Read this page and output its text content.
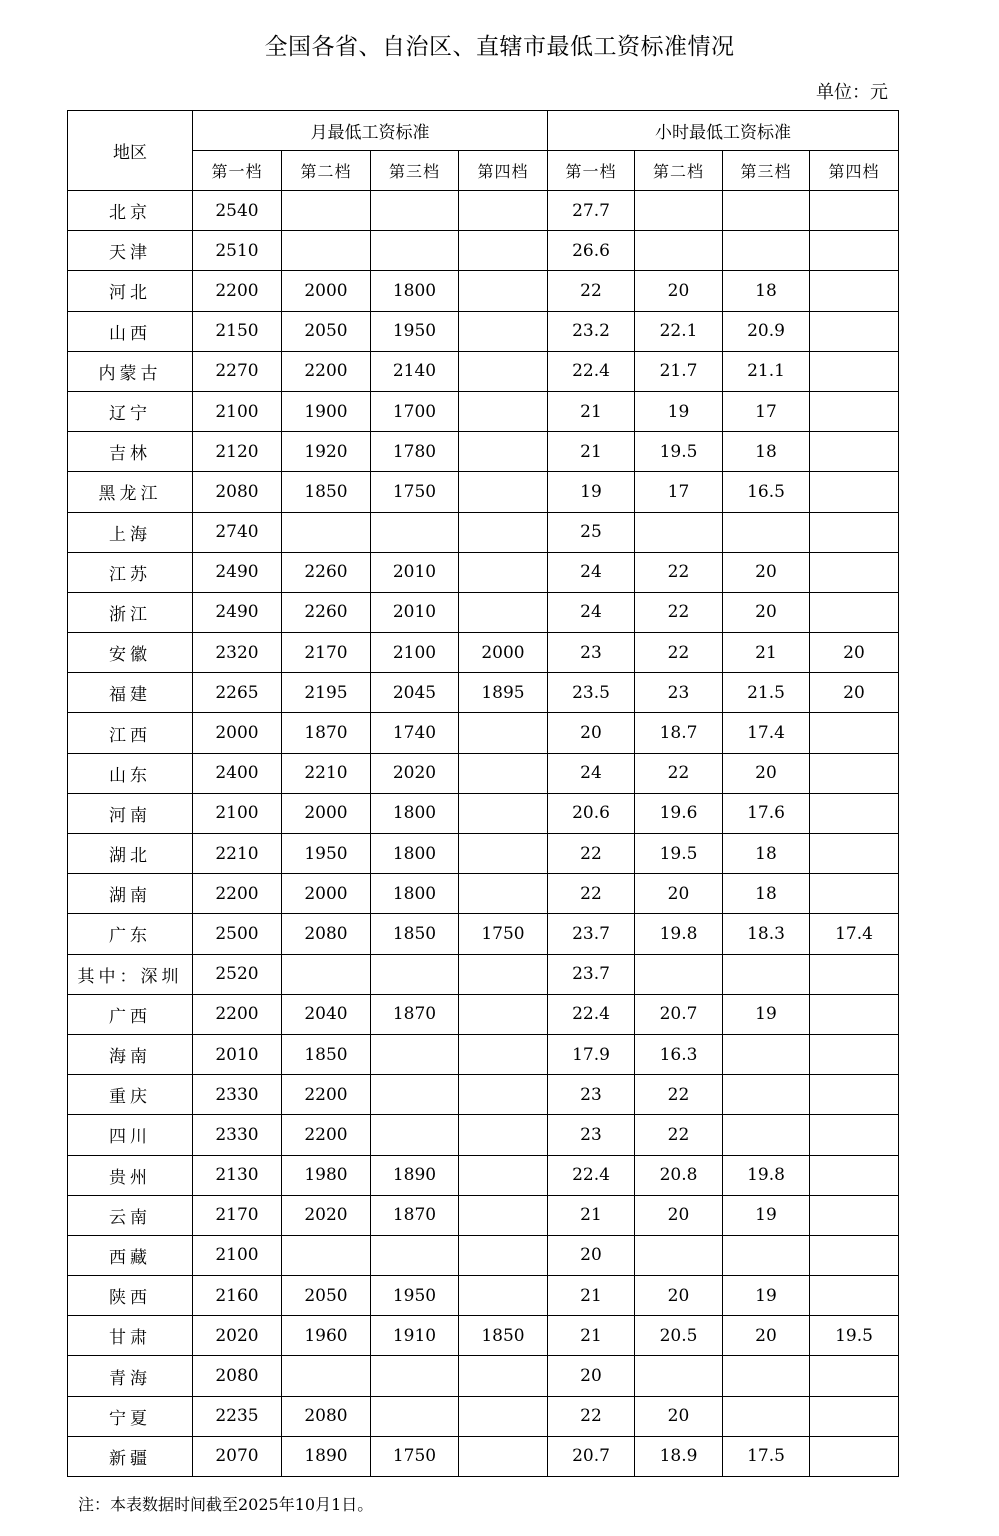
全国各省、自治区、直辖市最低工资标准情况
单位：元
地区	月最低工资标准				小时最低工资标准			
	第一档	第二档	第三档	第四档	第一档	第二档	第三档	第四档
北京	2540				27.7			
天津	2510				26.6			
河北	2200	2000	1800		22	20	18	
山西	2150	2050	1950		23.2	22.1	20.9	
内蒙古	2270	2200	2140		22.4	21.7	21.1	
辽宁	2100	1900	1700		21	19	17	
吉林	2120	1920	1780		21	19.5	18	
黑龙江	2080	1850	1750		19	17	16.5	
上海	2740				25			
江苏	2490	2260	2010		24	22	20	
浙江	2490	2260	2010		24	22	20	
安徽	2320	2170	2100	2000	23	22	21	20
福建	2265	2195	2045	1895	23.5	23	21.5	20
江西	2000	1870	1740		20	18.7	17.4	
山东	2400	2210	2020		24	22	20	
河南	2100	2000	1800		20.6	19.6	17.6	
湖北	2210	1950	1800		22	19.5	18	
湖南	2200	2000	1800		22	20	18	
广东	2500	2080	1850	1750	23.7	19.8	18.3	17.4
其中：深圳	2520				23.7			
广西	2200	2040	1870		22.4	20.7	19	
海南	2010	1850			17.9	16.3		
重庆	2330	2200			23	22		
四川	2330	2200			23	22		
贵州	2130	1980	1890		22.4	20.8	19.8	
云南	2170	2020	1870		21	20	19	
西藏	2100				20			
陕西	2160	2050	1950		21	20	19	
甘肃	2020	1960	1910	1850	21	20.5	20	19.5
青海	2080				20			
宁夏	2235	2080			22	20		
新疆	2070	1890	1750		20.7	18.9	17.5	
注：本表数据时间截至2025年10月1日。
